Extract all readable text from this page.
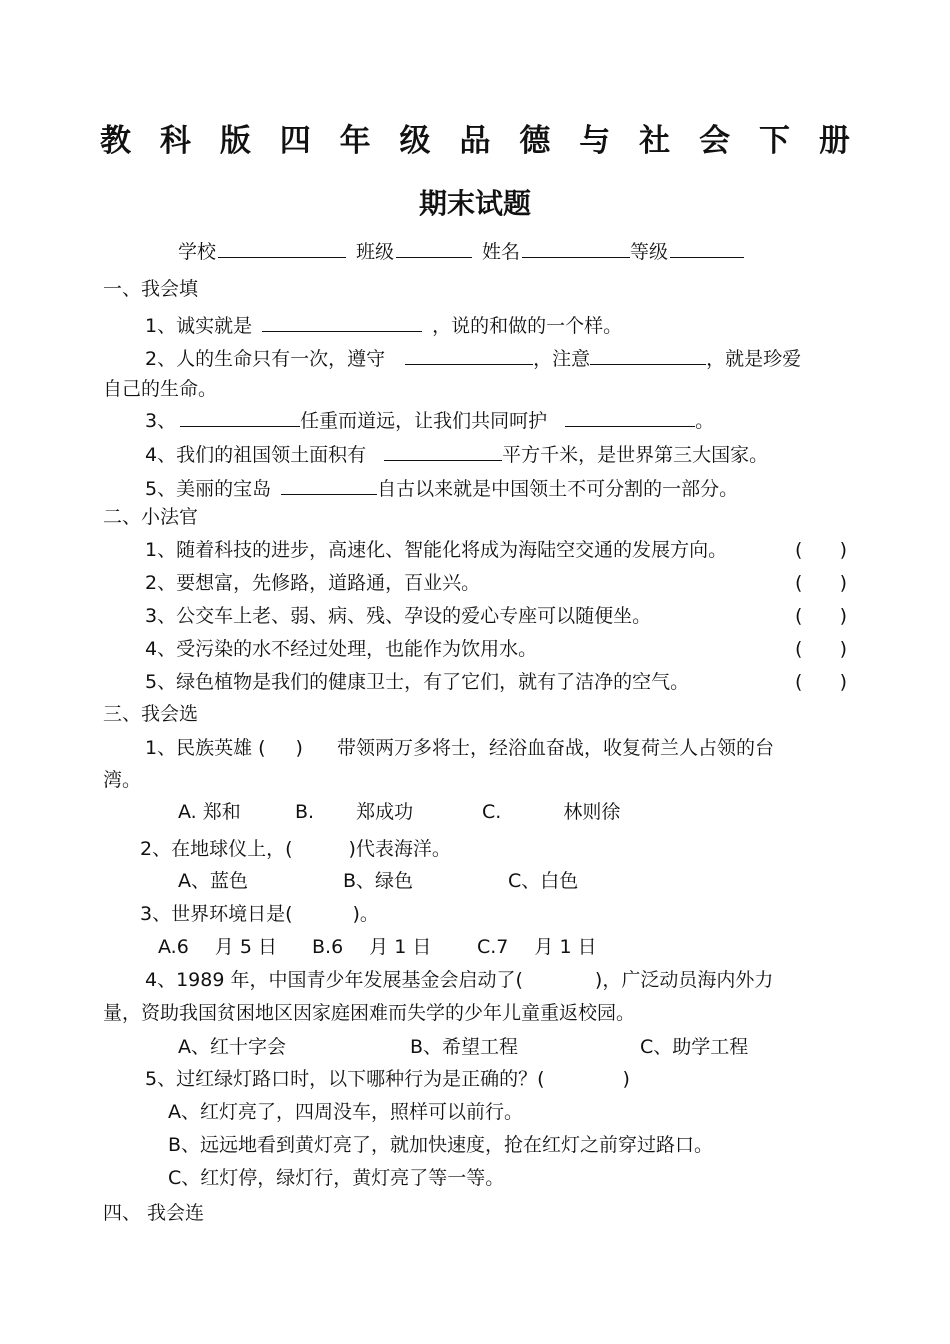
教 科 版 四 年 级 品 德 与 社 会 下 册
期末试题
学校	班级	姓名	等级
一、我会填
1、诚实就是	，说的和做的一个样。
2、人的生命只有一次，遵守	，注意	，就是珍爱
自己的生命。
3、	任重而道远，让我们共同呵护	。
4、我们的祖国领土面积有	平方千米，是世界第三大国家。
5、美丽的宝岛	自古以来就是中国领土不可分割的一部分。
二、小法官
1、随着科技的进步，高速化、智能化将成为海陆空交通的发展方向。	( )
2、要想富，先修路，道路通，百业兴。	( )
3、公交车上老、弱、病、残、孕设的爱心专座可以随便坐。	( )
4、受污染的水不经过处理，也能作为饮用水。	( )
5、绿色植物是我们的健康卫士，有了它们，就有了洁净的空气。	( )
三、我会选
1、民族英雄 ( ) 带领两万多将士，经浴血奋战，收复荷兰人占领的台
湾。
A. 郑和	B. 郑成功	C.	林则徐
2、在地球仪上，(	)代表海洋。
A、蓝色	B、绿色	C、白色
3、世界环境日是(	)。
A.6 月 5 日 B.6 月 1 日 C.7 月 1 日
4、1989 年，中国青少年发展基金会启动了(	)，广泛动员海内外力
量，资助我国贫困地区因家庭困难而失学的少年儿童重返校园。
A、红十字会	B、希望工程	C、助学工程
5、过红绿灯路口时，以下哪种行为是正确的？(	)
A、红灯亮了，四周没车，照样可以前行。
B、远远地看到黄灯亮了，就加快速度，抢在红灯之前穿过路口。
C、红灯停，绿灯行，黄灯亮了等一等。
四、 我会连
